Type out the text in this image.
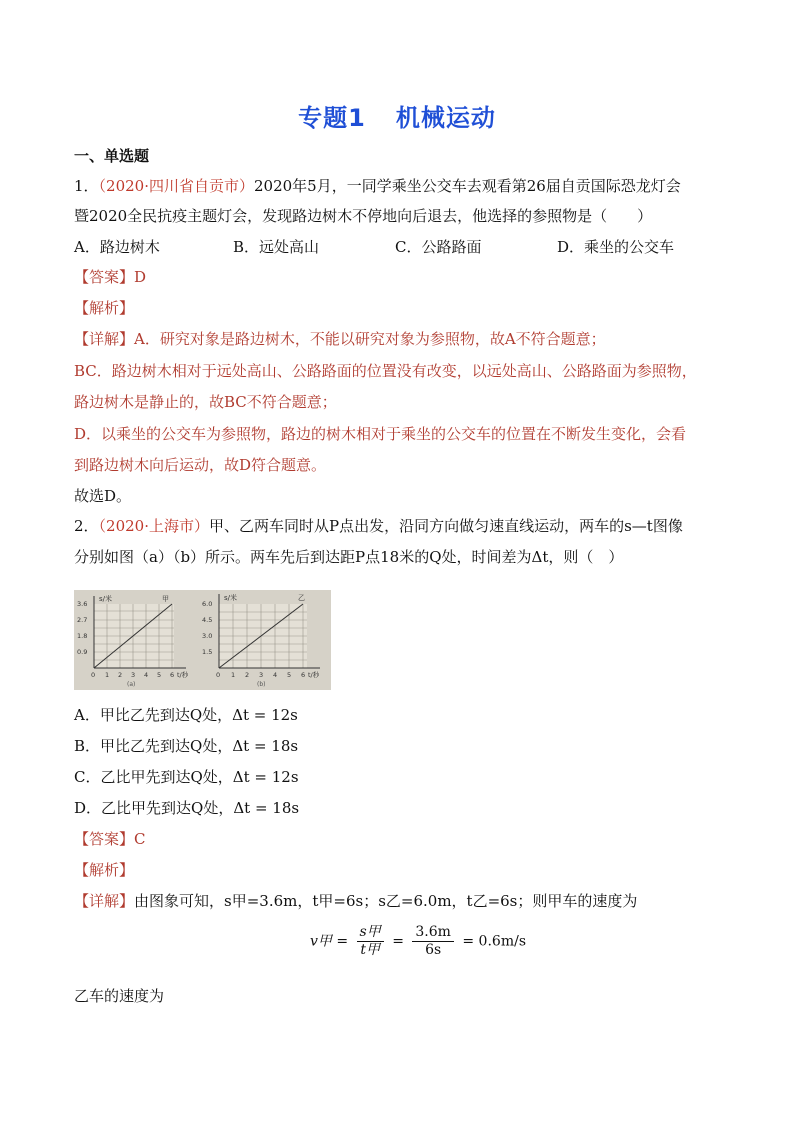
专题1 机械运动
一、单选题
1．（2020·四川省自贡市）2020年5月，一同学乘坐公交车去观看第26届自贡国际恐龙灯会
暨2020全民抗疫主题灯会，发现路边树木不停地向后退去，他选择的参照物是（　　）
A．路边树木	B．远处高山	C．公路路面	D．乘坐的公交车
【答案】D
【解析】
【详解】A．研究对象是路边树木，不能以研究对象为参照物，故A不符合题意；
BC．路边树木相对于远处高山、公路路面的位置没有改变，以远处高山、公路路面为参照物，
路边树木是静止的，故BC不符合题意；
D．以乘坐的公交车为参照物，路边的树木相对于乘坐的公交车的位置在不断发生变化，会看
到路边树木向后运动，故D符合题意。
故选D。
2．（2020·上海市）甲、乙两车同时从P点出发，沿同方向做匀速直线运动，两车的s—t图像
分别如图（a）（b）所示。两车先后到达距P点18米的Q处，时间差为Δt，则（　）
s/米	甲
3.6
2.7
1.8
0.9
0 1 2 3 4 5 6 t/秒
(a)
s/米	乙
6.0
4.5
3.0
1.5
0 1 2 3 4 5 6 t/秒
(b)
A．甲比乙先到达Q处，Δt = 12s
B．甲比乙先到达Q处，Δt = 18s
C．乙比甲先到达Q处，Δt = 12s
D．乙比甲先到达Q处，Δt = 18s
【答案】C
【解析】
【详解】由图象可知，s甲=3.6m，t甲=6s；s乙=6.0m，t乙=6s；则甲车的速度为
v甲 = $\frac{\text{s甲}}{\text{t甲}} = \frac{3.6m}{6s} = 0.6m/s$
乙车的速度为
